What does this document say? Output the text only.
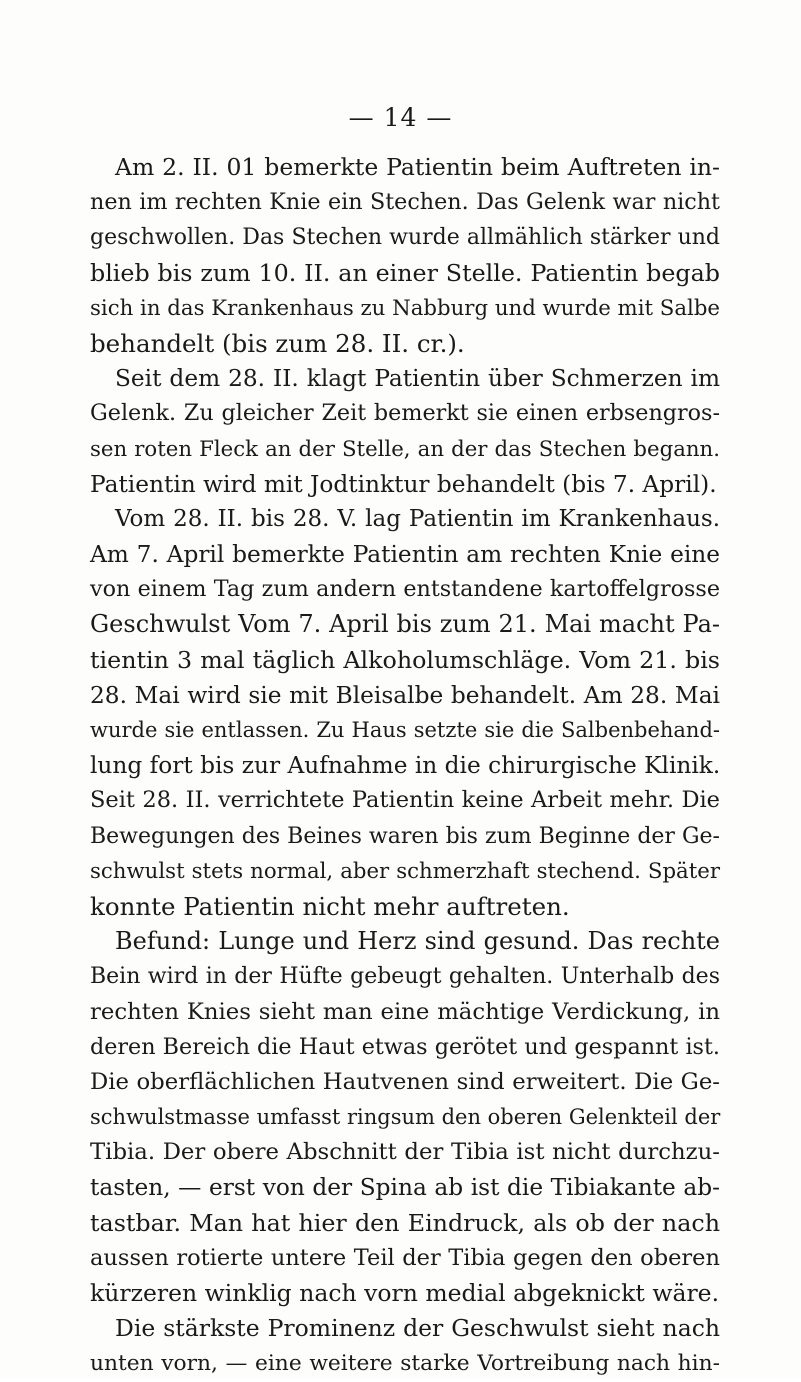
— 14 —
Am 2. II. 01 bemerkte Patientin beim Auftreten in-
nen im rechten Knie ein Stechen. Das Gelenk war nicht
geschwollen. Das Stechen wurde allmählich stärker und
blieb bis zum 10. II. an einer Stelle. Patientin begab
sich in das Krankenhaus zu Nabburg und wurde mit Salbe
behandelt (bis zum 28. II. cr.).
Seit dem 28. II. klagt Patientin über Schmerzen im
Gelenk. Zu gleicher Zeit bemerkt sie einen erbsengros-
sen roten Fleck an der Stelle, an der das Stechen begann.
Patientin wird mit Jodtinktur behandelt (bis 7. April).
Vom 28. II. bis 28. V. lag Patientin im Krankenhaus.
Am 7. April bemerkte Patientin am rechten Knie eine
von einem Tag zum andern entstandene kartoffelgrosse
Geschwulst Vom 7. April bis zum 21. Mai macht Pa-
tientin 3 mal täglich Alkoholumschläge. Vom 21. bis
28. Mai wird sie mit Bleisalbe behandelt. Am 28. Mai
wurde sie entlassen. Zu Haus setzte sie die Salbenbehand-
lung fort bis zur Aufnahme in die chirurgische Klinik.
Seit 28. II. verrichtete Patientin keine Arbeit mehr. Die
Bewegungen des Beines waren bis zum Beginne der Ge-
schwulst stets normal, aber schmerzhaft stechend. Später
konnte Patientin nicht mehr auftreten.
Befund: Lunge und Herz sind gesund. Das rechte
Bein wird in der Hüfte gebeugt gehalten. Unterhalb des
rechten Knies sieht man eine mächtige Verdickung, in
deren Bereich die Haut etwas gerötet und gespannt ist.
Die oberflächlichen Hautvenen sind erweitert. Die Ge-
schwulstmasse umfasst ringsum den oberen Gelenkteil der
Tibia. Der obere Abschnitt der Tibia ist nicht durchzu-
tasten, — erst von der Spina ab ist die Tibiakante ab-
tastbar. Man hat hier den Eindruck, als ob der nach
aussen rotierte untere Teil der Tibia gegen den oberen
kürzeren winklig nach vorn medial abgeknickt wäre.
Die stärkste Prominenz der Geschwulst sieht nach
unten vorn, — eine weitere starke Vortreibung nach hin-
